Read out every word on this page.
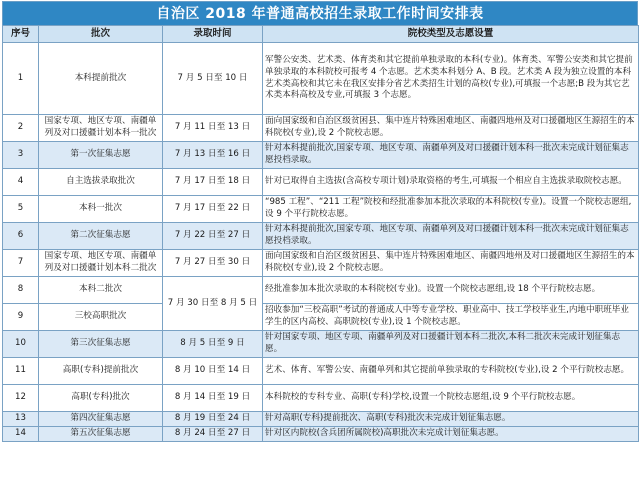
自治区 2018 年普通高校招生录取工作时间安排表
序号	批次	录取时间	院校类型及志愿设置
1	本科提前批次	7 月 5 日至 10 日	军警公安类、艺术类、体育类和其它提前单独录取的本科(专业)。体育类、军警公安类和其它提前单独录取的本科院校可报考 4 个志愿。艺术类本科划分 A、B 段。艺术类 A 段为独立设置的本科艺术类高校和其它未在我区安排分省艺术类招生计划的高校(专业),可填报一个志愿;B 段为其它艺术类本科高校及专业,可填报 3 个志愿。
2	国家专项、地区专项、南疆单列及对口援疆计划本科一批次	7 月 11 日至 13 日	面向国家级和自治区级贫困县、集中连片特殊困难地区、南疆四地州及对口援疆地区生源招生的本科院校(专业),设 2 个院校志愿。
3	第一次征集志愿	7 月 13 日至 16 日	针对本科提前批次,国家专项、地区专项、南疆单列及对口援疆计划本科一批次未完成计划征集志愿投档录取。
4	自主选拔录取批次	7 月 17 日至 18 日	针对已取得自主选拔(含高校专项计划)录取资格的考生,可填报一个相应自主选拔录取院校志愿。
5	本科一批次	7 月 17 日至 22 日	“985 工程”、“211 工程”院校和经批准参加本批次录取的本科院校(专业)。设置一个院校志愿组,设 9 个平行院校志愿。
6	第二次征集志愿	7 月 22 日至 27 日	针对本科提前批次,国家专项、地区专项、南疆单列及对口援疆计划本科一批次未完成计划征集志愿投档录取。
7	国家专项、地区专项、南疆单列及对口援疆计划本科二批次	7 月 27 日至 30 日	面向国家级和自治区级贫困县、集中连片特殊困难地区、南疆四地州及对口援疆地区生源招生的本科院校(专业),设 2 个院校志愿。
8	本科二批次	7 月 30 日至 8 月 5 日	经批准参加本批次录取的本科院校(专业)。设置一个院校志愿组,设 18 个平行院校志愿。
9	三校高职批次		招收参加“三校高职”考试的普通成人中等专业学校、职业高中、技工学校毕业生,内地中职班毕业学生的区内高校、高职院校(专业),设 1 个院校志愿。
10	第三次征集志愿	8 月 5 日至 9 日	针对国家专项、地区专项、南疆单列及对口援疆计划本科二批次,本科二批次未完成计划征集志愿。
11	高职(专科)提前批次	8 月 10 日至 14 日	艺术、体育、军警公安、南疆单列和其它提前单独录取的专科院校(专业),设 2 个平行院校志愿。
12	高职(专科)批次	8 月 14 日至 19 日	本科院校的专科专业、高职(专科)学校,设置一个院校志愿组,设 9 个平行院校志愿。
13	第四次征集志愿	8 月 19 日至 24 日	针对高职(专科)提前批次、高职(专科)批次未完成计划征集志愿。
14	第五次征集志愿	8 月 24 日至 27 日	针对区内院校(含兵团所属院校)高职批次未完成计划征集志愿。
